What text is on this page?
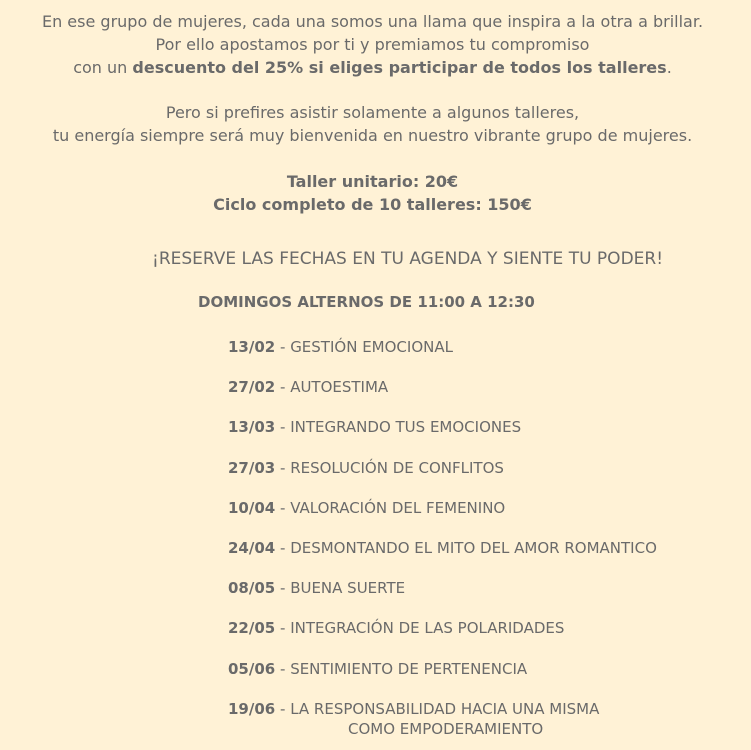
En ese grupo de mujeres, cada una somos una llama que inspira a la otra a brillar.

Por ello apostamos por ti y premiamos tu compromiso

con un descuento del 25% si eliges participar de todos los talleres.

Pero si prefires asistir solamente a algunos talleres,

tu energía siempre será muy bienvenida en nuestro vibrante grupo de mujeres.

Taller unitario: 20€
Ciclo completo de 10 talleres: 150€
¡RESERVE LAS FECHAS EN TU AGENDA Y SIENTE TU PODER!
DOMINGOS ALTERNOS DE 11:00 A 12:30
13/02 - GESTIÓN EMOCIONAL
27/02 - AUTOESTIMA
13/03 - INTEGRANDO TUS EMOCIONES
27/03 - RESOLUCIÓN DE CONFLITOS
10/04 - VALORACIÓN DEL FEMENINO
24/04 - DESMONTANDO EL MITO DEL AMOR ROMANTICO
08/05 - BUENA SUERTE
22/05 - INTEGRACIÓN DE LAS POLARIDADES
05/06 - SENTIMIENTO DE PERTENENCIA
19/06 - LA RESPONSABILIDAD HACIA UNA MISMA
COMO EMPODERAMIENTO
